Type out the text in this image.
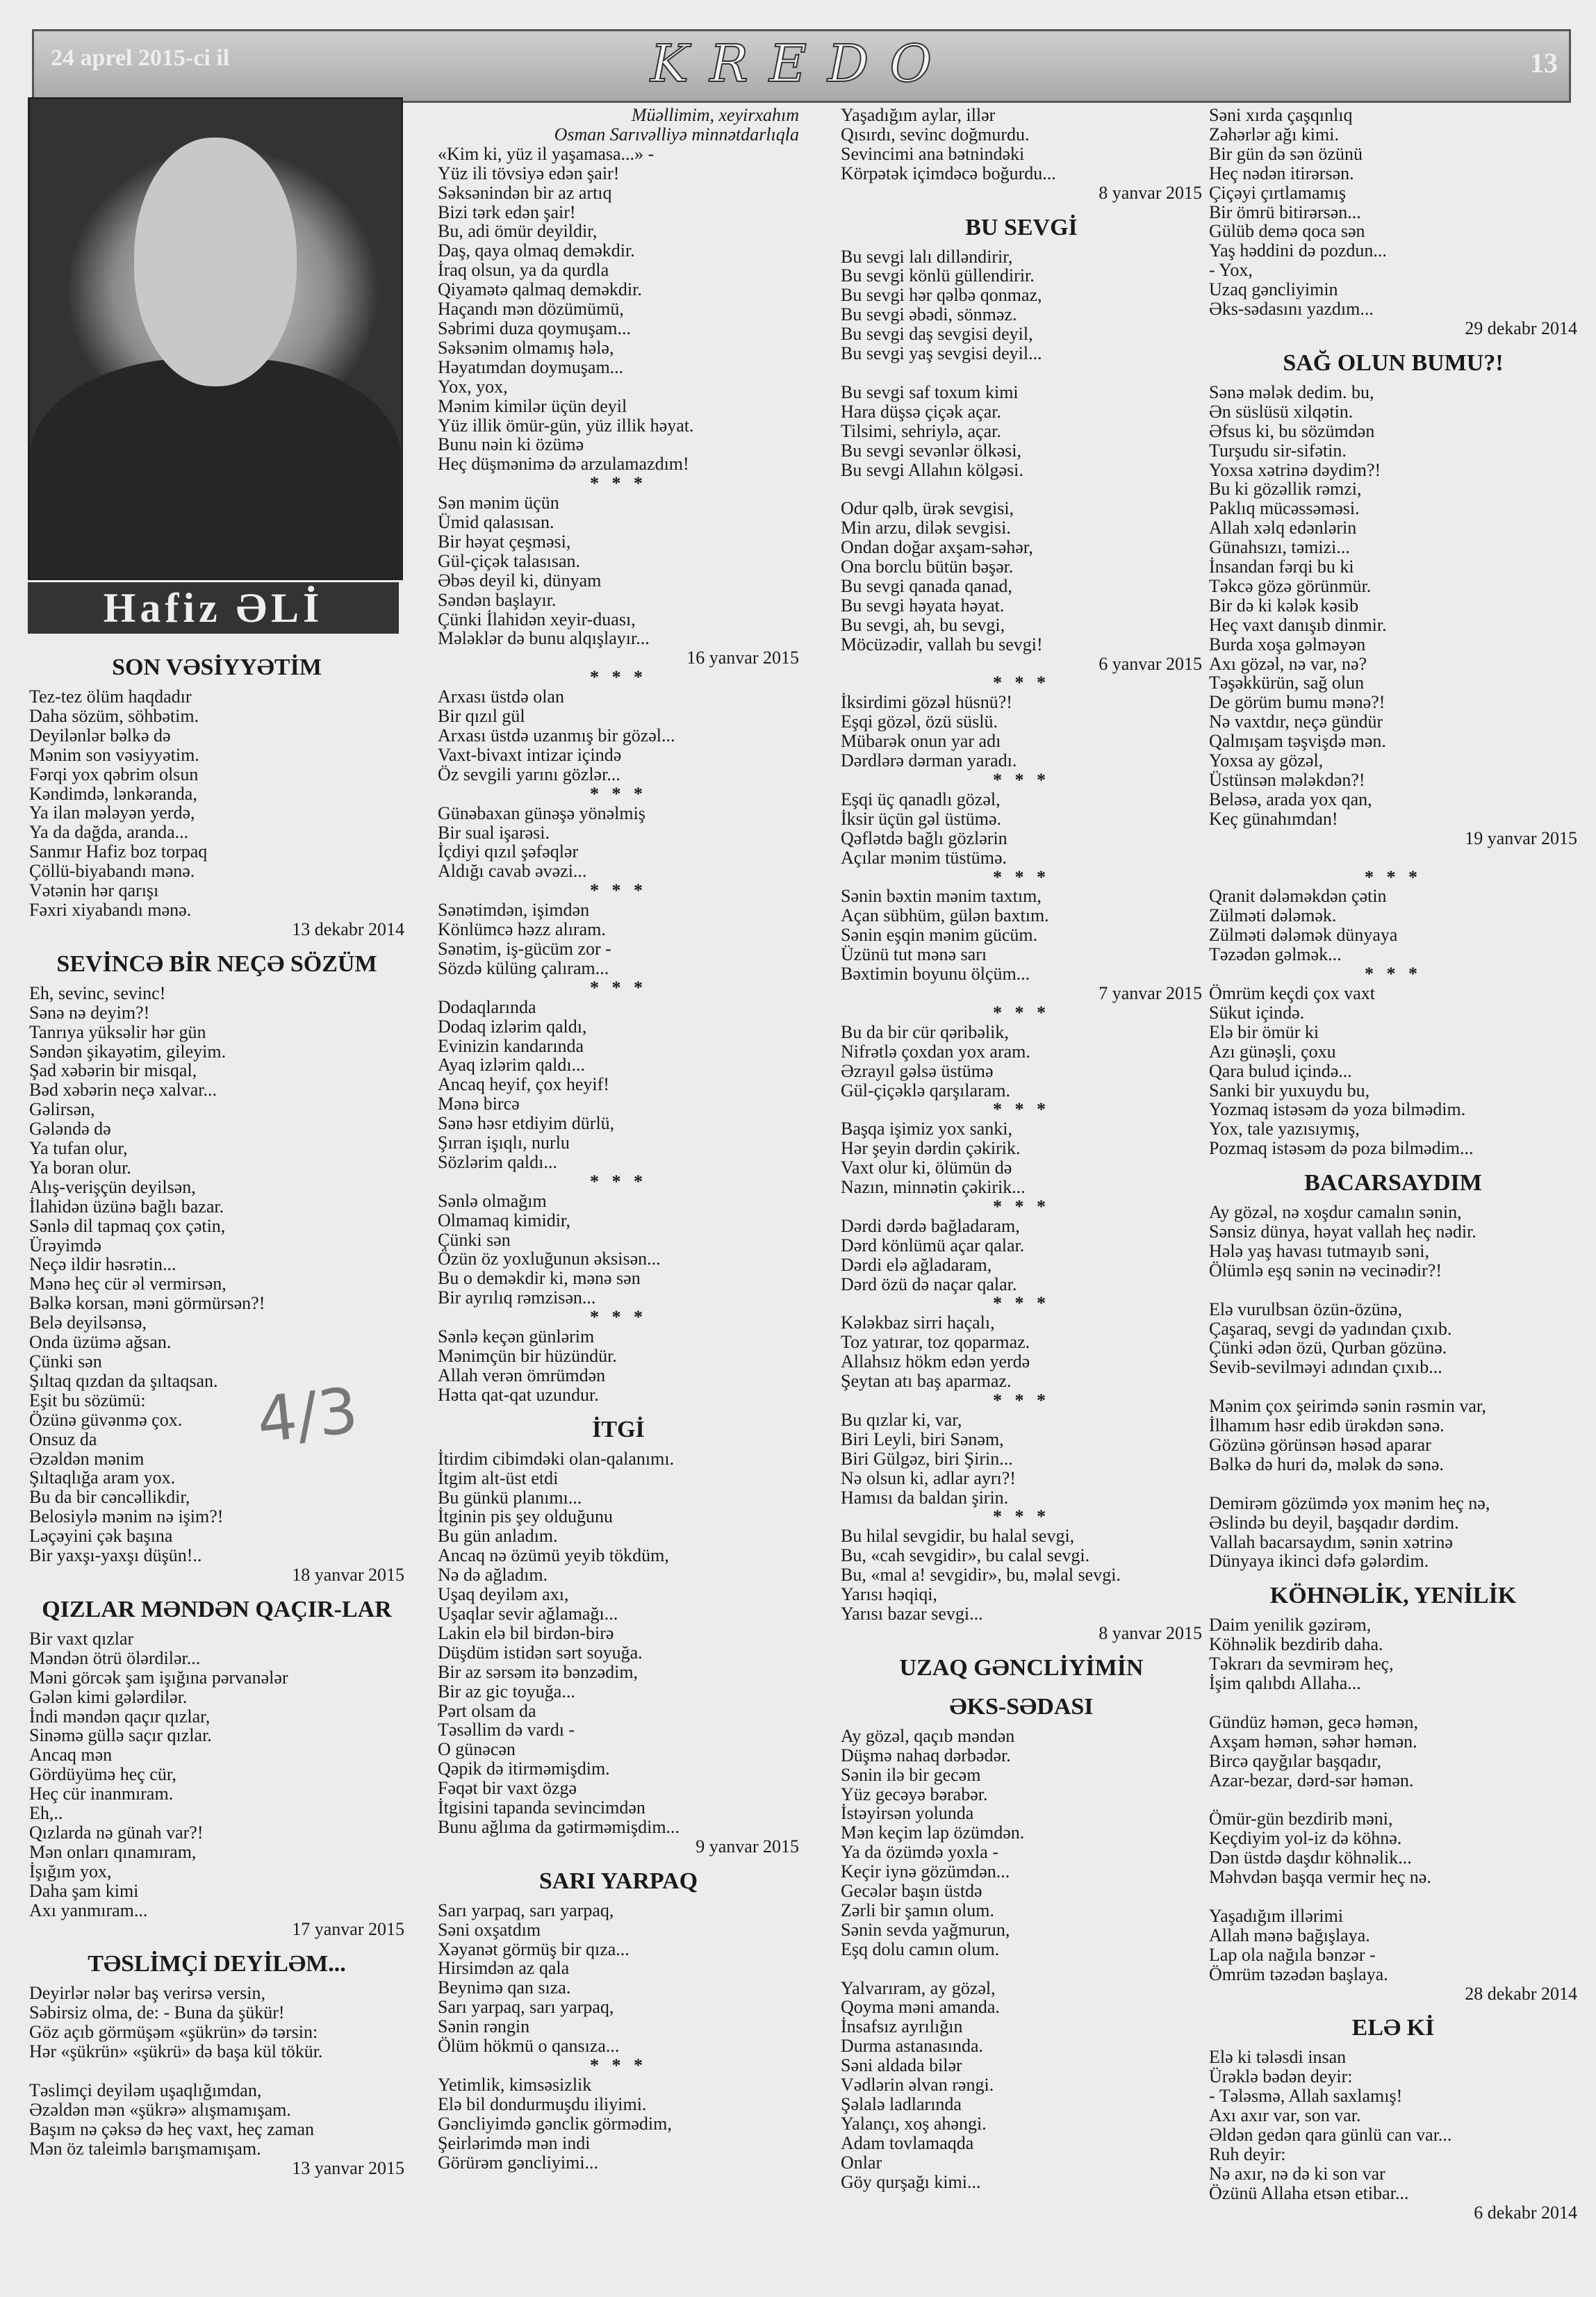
24 aprel 2015-ci il	KREDO	13
Hafiz ƏLİ

SON VƏSİYYƏTİM

Tez-tez ölüm haqdadır

Daha sözüm, söhbətim.

Deyilənlər bəlkə də

Mənim son vəsiyyətim.

Fərqi yox qəbrim olsun

Kəndimdə, lənkəranda,

Ya ilan mələyən yerdə,

Ya da dağda, aranda...

Sanmır Hafiz boz torpaq

Çöllü-biyabandı mənə.

Vətənin hər qarışı

Fəxri xiyabandı mənə.

13 dekabr 2014

SEVİNCƏ BİR NEÇƏ SÖZÜM

Eh, sevinc, sevinc!

Sənə nə deyim?!

Tanrıya yüksəlir hər gün

Səndən şikayətim, gileyim.

Şad xəbərin bir misqal,

Bəd xəbərin neçə xalvar...

Gəlirsən,

Gələndə də

Ya tufan olur,

Ya boran olur.

Alış-verişçün deyilsən,

İlahidən üzünə bağlı bazar.

Sənlə dil tapmaq çox çətin,

Ürəyimdə

Neçə ildir həsrətin...

Mənə heç cür əl vermirsən,

Bəlkə korsan, məni görmürsən?!

Belə deyilsənsə,

Onda üzümə ağsan.

Çünki sən

Şıltaq qızdan da şıltaqsan.

Eşit bu sözümü:

Özünə güvənmə çox.

Onsuz da

Əzəldən mənim

Şıltaqlığa aram yox.

Bu da bir cəncəllikdir,

Belosiylə mənim nə işim?!

Ləçəyini çək başına

Bir yaxşı-yaxşı düşün!..

18 yanvar 2015

QIZLAR MƏNDƏN QAÇIR-LAR

Bir vaxt qızlar

Məndən ötrü ölərdilər...

Məni görcək şam işığına pərvanələr

Gələn kimi gələrdilər.

İndi məndən qaçır qızlar,

Sinəmə güllə saçır qızlar.

Ancaq mən

Gördüyümə heç cür,

Heç cür inanmıram.

Eh,..

Qızlarda nə günah var?!

Mən onları qınamıram,

İşığım yox,

Daha şam kimi

Axı yanmıram...

17 yanvar 2015

TƏSLİMÇİ DEYİLƏM...

Deyirlər nələr baş verirsə versin,

Səbirsiz olma, de: - Buna da şükür!

Göz açıb görmüşəm «şükrün» də tərsin:

Hər «şükrün» «şükrü» də başa kül tökür.

Təslimçi deyiləm uşaqlığımdan,

Əzəldən mən «şükrə» alışmamışam.

Başım nə çəksə də heç vaxt, heç zaman

Mən öz taleimlə barışmamışam.

13 yanvar 2015

Müəllimim, xeyirxahım

Osman Sarıvəlliyə minnətdarlıqla

«Kim ki, yüz il yaşamasa...» -

Yüz ili tövsiyə edən şair!

Səksənindən bir az artıq

Bizi tərk edən şair!

Bu, adi ömür deyildir,

Daş, qaya olmaq deməkdir.

İraq olsun, ya da qurdla

Qiyamətə qalmaq deməkdir.

Haçandı mən dözümümü,

Səbrimi duza qoymuşam...

Səksənim olmamış hələ,

Həyatımdan doymuşam...

Yox, yox,

Mənim kimilər üçün deyil

Yüz illik ömür-gün, yüz illik həyat.

Bunu nəin ki özümə

Heç düşmənimə də arzulamazdım!

* * *

Sən mənim üçün

Ümid qalasısan.

Bir həyat çeşməsi,

Gül-çiçək talasısan.

Əbəs deyil ki, dünyam

Səndən başlayır.

Çünki İlahidən xeyir-duası,

Mələklər də bunu alqışlayır...

16 yanvar 2015

* * *

Arxası üstdə olan

Bir qızıl gül

Arxası üstdə uzanmış bir gözəl...

Vaxt-bivaxt intizar içində

Öz sevgili yarını gözlər...

* * *

Günəbaxan günəşə yönəlmiş

Bir sual işarəsi.

İçdiyi qızıl şəfəqlər

Aldığı cavab əvəzi...

* * *

Sənətimdən, işimdən

Könlümcə həzz alıram.

Sənətim, iş-gücüm zor -

Sözdə külüng çalıram...

* * *

Dodaqlarında

Dodaq izlərim qaldı,

Evinizin kandarında

Ayaq izlərim qaldı...

Ancaq heyif, çox heyif!

Mənə bircə

Sənə həsr etdiyim dürlü,

Şırran işıqlı, nurlu

Sözlərim qaldı...

* * *

Sənlə olmağım

Olmamaq kimidir,

Çünki sən

Özün öz yoxluğunun əksisən...

Bu o deməkdir ki, mənə sən

Bir ayrılıq rəmzisən...

* * *

Sənlə keçən günlərim

Mənimçün bir hüzündür.

Allah verən ömrümdən

Hətta qat-qat uzundur.

İTGİ

İtirdim cibimdəki olan-qalanımı.

İtgim alt-üst etdi

Bu günkü planımı...

İtginin pis şey olduğunu

Bu gün anladım.

Ancaq nə özümü yeyib tökdüm,

Nə də ağladım.

Uşaq deyiləm axı,

Uşaqlar sevir ağlamağı...

Lakin elə bil birdən-birə

Düşdüm istidən sərt soyuğa.

Bir az sərsəm itə bənzədim,

Bir az gic toyuğa...

Pərt olsam da

Təsəllim də vardı -

O günəcən

Qəpik də itirməmişdim.

Fəqət bir vaxt özgə

İtgisini tapanda sevincimdən

Bunu ağlıma da gətirməmişdim...

9 yanvar 2015

SARI YARPAQ

Sarı yarpaq, sarı yarpaq,

Səni oxşatdım

Xəyanət görmüş bir qıza...

Hirsimdən az qala

Beynimə qan sıza.

Sarı yarpaq, sarı yarpaq,

Sənin rəngin

Ölüm hökmü o qansıza...

* * *

Yetimlik, kimsəsizlik

Elə bil dondurmuşdu iliyimi.

Gəncliyimdə gəncliк görmədim,

Şeirlərimdə mən indi

Görürəm gəncliyimi...

Yaşadığım aylar, illər

Qısırdı, sevinc doğmurdu.

Sevincimi ana bətnindəki

Körpətək içimdəcə boğurdu...

8 yanvar 2015

BU SEVGİ

Bu sevgi lalı dilləndirir,

Bu sevgi könlü güllendirir.

Bu sevgi hər qəlbə qonmaz,

Bu sevgi əbədi, sönməz.

Bu sevgi daş sevgisi deyil,

Bu sevgi yaş sevgisi deyil...

Bu sevgi saf toxum kimi

Hara düşsə çiçək açar.

Tilsimi, sehriylə, açar.

Bu sevgi sevənlər ölkəsi,

Bu sevgi Allahın kölgəsi.

Odur qəlb, ürək sevgisi,

Min arzu, dilək sevgisi.

Ondan doğar axşam-səhər,

Ona borclu bütün bəşər.

Bu sevgi qanada qanad,

Bu sevgi həyata həyat.

Bu sevgi, ah, bu sevgi,

Möcüzədir, vallah bu sevgi!

6 yanvar 2015

* * *

İksirdimi gözəl hüsnü?!

Eşqi gözəl, özü süslü.

Mübarək onun yar adı

Dərdlərə dərman yaradı.

* * *

Eşqi üç qanadlı gözəl,

İksir üçün gəl üstümə.

Qəflətdə bağlı gözlərin

Açılar mənim tüstümə.

* * *

Sənin bəxtin mənim taxtım,

Açan sübhüm, gülən baxtım.

Sənin eşqin mənim gücüm.

Üzünü tut mənə sarı

Bəxtimin boyunu ölçüm...

7 yanvar 2015

* * *

Bu da bir cür qəribəlik,

Nifrətlə çoxdan yox aram.

Əzrayıl gəlsə üstümə

Gül-çiçəklə qarşılaram.

* * *

Başqa işimiz yox sanki,

Hər şeyin dərdin çəkirik.

Vaxt olur ki, ölümün də

Nazın, minnətin çəkirik...

* * *

Dərdi dərdə bağladaram,

Dərd könlümü açar qalar.

Dərdi elə ağladaram,

Dərd özü də naçar qalar.

* * *

Kələkbaz sirri haçalı,

Toz yatırar, toz qoparmaz.

Allahsız hökm edən yerdə

Şeytan atı baş aparmaz.

* * *

Bu qızlar ki, var,

Biri Leyli, biri Sənəm,

Biri Gülgəz, biri Şirin...

Nə olsun ki, adlar ayrı?!

Hamısı da baldan şirin.

* * *

Bu hilal sevgidir, bu halal sevgi,

Bu, «cah sevgidir», bu calal sevgi.

Bu, «mal a! sevgidir», bu, məlal sevgi.

Yarısı həqiqi,

Yarısı bazar sevgi...

8 yanvar 2015

UZAQ GƏNCLİYİMİN

ƏKS-SƏDASI

Ay gözəl, qaçıb məndən

Düşmə nahaq dərbədər.

Sənin ilə bir gecəm

Yüz gecəyə bərabər.

İstəyirsən yolunda

Mən keçim lap özümdən.

Ya da özümdə yoxla -

Keçir iynə gözümdən...

Gecələr başın üstdə

Zərli bir şamın olum.

Sənin sevda yağmurun,

Eşq dolu camın olum.

Yalvarıram, ay gözəl,

Qoyma məni amanda.

İnsafsız ayrılığın

Durma astanasında.

Səni aldada bilər

Vədlərin əlvan rəngi.

Şəlalə ladlarında

Yalançı, xoş ahəngi.

Adam tovlamaqda

Onlar

Göy qurşağı kimi...

Səni xırda çaşqınlıq

Zəhərlər ağı kimi.

Bir gün də sən özünü

Heç nədən itirərsən.

Çiçəyi çırtlamamış

Bir ömrü bitirərsən...

Gülüb demə qoca sən

Yaş həddini də pozdun...

- Yox,

Uzaq gəncliyimin

Əks-sədasını yazdım...

29 dekabr 2014

SAĞ OLUN BUMU?!

Sənə mələk dedim. bu,

Ən süslüsü xilqətin.

Əfsus ki, bu sözümdən

Turşudu sir-sifətin.

Yoxsa xətrinə dəydim?!

Bu ki gözəllik rəmzi,

Paklıq mücəssəməsi.

Allah xəlq edənlərin

Günahsızı, təmizi...

İnsandan fərqi bu ki

Təkcə gözə görünmür.

Bir də ki kələk kəsib

Heç vaxt danışıb dinmir.

Burda xoşa gəlməyən

Axı gözəl, nə var, nə?

Təşəkkürün, sağ olun

De görüm bumu mənə?!

Nə vaxtdır, neçə gündür

Qalmışam təşvişdə mən.

Yoxsa ay gözəl,

Üstünsən mələkdən?!

Beləsə, arada yox qan,

Keç günahımdan!

19 yanvar 2015

* * *

Qranit dələməkdən çətin

Zülməti dələmək.

Zülməti dələmək dünyaya

Təzədən gəlmək...

* * *

Ömrüm keçdi çox vaxt

Sükut içində.

Elə bir ömür ki

Azı günəşli, çoxu

Qara bulud içində...

Sanki bir yuxuydu bu,

Yozmaq istəsəm də yoza bilmədim.

Yox, tale yazısıymış,

Pozmaq istəsəm də poza bilmədim...

BACARSAYDIM

Ay gözəl, nə xoşdur camalın sənin,

Sənsiz dünya, həyat vallah heç nədir.

Hələ yaş havası tutmayıb səni,

Ölümlə eşq sənin nə vecinədir?!

Elə vurulbsan özün-özünə,

Çaşaraq, sevgi də yadından çıxıb.

Çünki ədən özü, Qurban gözünə.

Sevib-sevilməyi adından çıxıb...

Mənim çox şeirimdə sənin rəsmin var,

İlhamım həsr edib ürəkdən sənə.

Gözünə görünsən həsəd aparar

Bəlkə də huri də, mələk də sənə.

Demirəm gözümdə yox mənim heç nə,

Əslində bu deyil, başqadır dərdim.

Vallah bacarsaydım, sənin xətrinə

Dünyaya ikinci dəfə gələrdim.

KÖHNƏLİK, YENİLİK

Daim yenilik gəzirəm,

Köhnəlik bezdirib daha.

Təkrarı da sevmirəm heç,

İşim qalıbdı Allaha...

Gündüz həmən, gecə həmən,

Axşam həmən, səhər həmən.

Bircə qayğılar başqadır,

Azar-bezar, dərd-sər həmən.

Ömür-gün bezdirib məni,

Keçdiyim yol-iz də köhnə.

Dən üstdə daşdır köhnəlik...

Məhvdən başqa vermir heç nə.

Yaşadığım illərimi

Allah mənə bağışlaya.

Lap ola nağıla bənzər -

Ömrüm təzədən başlaya.

28 dekabr 2014

ELƏ Kİ

Elə ki tələsdi insan

Ürəklə bədən deyir:

- Tələsmə, Allah saxlamış!

Axı axır var, son var.

Əldən gedən qara günlü can var...

Ruh deyir:

Nə axır, nə də ki son var

Özünü Allaha etsən etibar...

6 dekabr 2014

4/3
